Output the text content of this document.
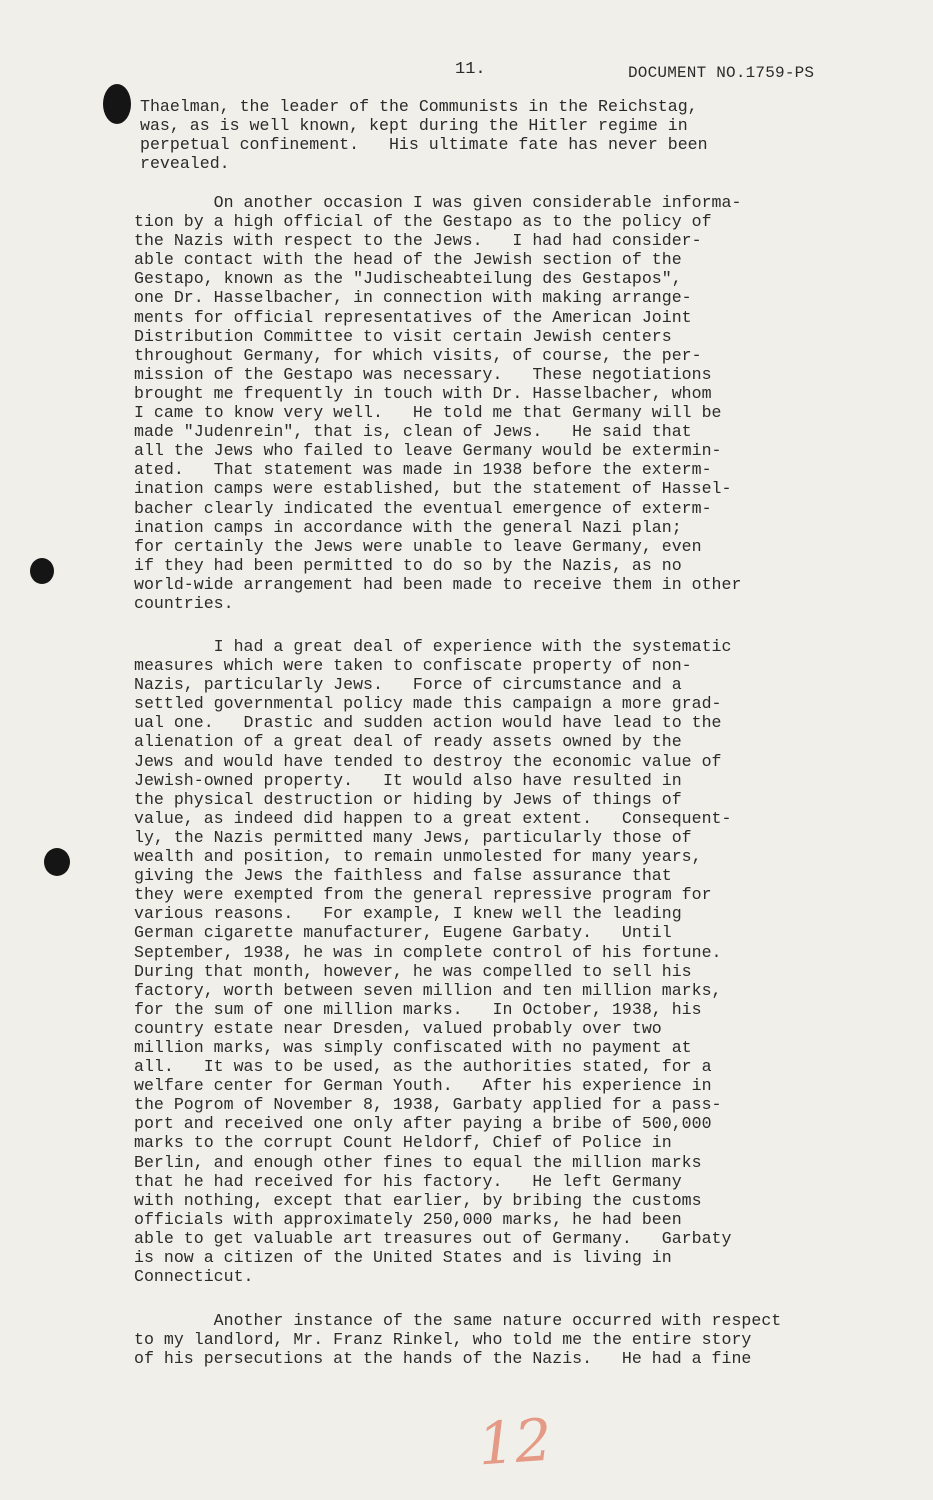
11.	DOCUMENT NO.1759-PS

Thaelman, the leader of the Communists in the Reichstag,
was, as is well known, kept during the Hitler regime in
perpetual confinement.   His ultimate fate has never been
revealed.

On another occasion I was given considerable informa-
tion by a high official of the Gestapo as to the policy of
the Nazis with respect to the Jews.   I had had consider-
able contact with the head of the Jewish section of the
Gestapo, known as the "Judischeabteilung des Gestapos",
one Dr. Hasselbacher, in connection with making arrange-
ments for official representatives of the American Joint
Distribution Committee to visit certain Jewish centers
throughout Germany, for which visits, of course, the per-
mission of the Gestapo was necessary.   These negotiations
brought me frequently in touch with Dr. Hasselbacher, whom
I came to know very well.   He told me that Germany will be
made "Judenrein", that is, clean of Jews.   He said that
all the Jews who failed to leave Germany would be extermin-
ated.   That statement was made in 1938 before the exterm-
ination camps were established, but the statement of Hassel-
bacher clearly indicated the eventual emergence of exterm-
ination camps in accordance with the general Nazi plan;
for certainly the Jews were unable to leave Germany, even
if they had been permitted to do so by the Nazis, as no
world-wide arrangement had been made to receive them in other
countries.

I had a great deal of experience with the systematic
measures which were taken to confiscate property of non-
Nazis, particularly Jews.   Force of circumstance and a
settled governmental policy made this campaign a more grad-
ual one.   Drastic and sudden action would have lead to the
alienation of a great deal of ready assets owned by the
Jews and would have tended to destroy the economic value of
Jewish-owned property.   It would also have resulted in
the physical destruction or hiding by Jews of things of
value, as indeed did happen to a great extent.   Consequent-
ly, the Nazis permitted many Jews, particularly those of
wealth and position, to remain unmolested for many years,
giving the Jews the faithless and false assurance that
they were exempted from the general repressive program for
various reasons.   For example, I knew well the leading
German cigarette manufacturer, Eugene Garbaty.   Until
September, 1938, he was in complete control of his fortune.
During that month, however, he was compelled to sell his
factory, worth between seven million and ten million marks,
for the sum of one million marks.   In October, 1938, his
country estate near Dresden, valued probably over two
million marks, was simply confiscated with no payment at
all.   It was to be used, as the authorities stated, for a
welfare center for German Youth.   After his experience in
the Pogrom of November 8, 1938, Garbaty applied for a pass-
port and received one only after paying a bribe of 500,000
marks to the corrupt Count Heldorf, Chief of Police in
Berlin, and enough other fines to equal the million marks
that he had received for his factory.   He left Germany
with nothing, except that earlier, by bribing the customs
officials with approximately 250,000 marks, he had been
able to get valuable art treasures out of Germany.   Garbaty
is now a citizen of the United States and is living in
Connecticut.

Another instance of the same nature occurred with respect
to my landlord, Mr. Franz Rinkel, who told me the entire story
of his persecutions at the hands of the Nazis.   He had a fine

12
